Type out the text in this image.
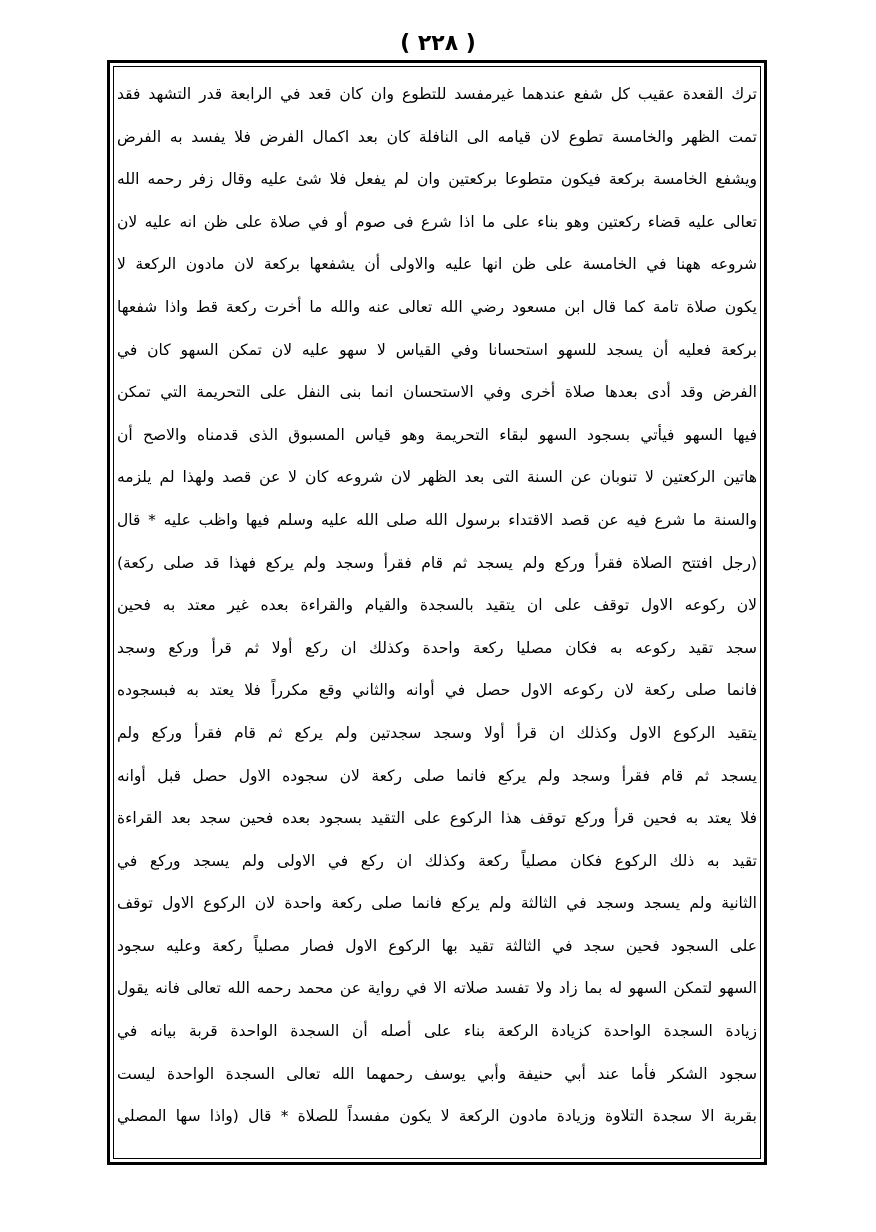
( ٢٢٨ )
ترك القعدة عقيب كل شفع عندهما غيرمفسد للتطوع وان كان قعد في الرابعة قدر التشهد فقد
تمت الظهر والخامسة تطوع لان قيامه الى النافلة كان بعد اكمال الفرض فلا يفسد به الفرض
ويشفع الخامسة بركعة فيكون متطوعا بركعتين وان لم يفعل فلا شئ عليه وقال زفر رحمه الله
تعالى عليه قضاء ركعتين وهو بناء على ما اذا شرع فى صوم أو في صلاة على ظن انه عليه لان
شروعه ههنا في الخامسة على ظن انها عليه والاولى أن يشفعها بركعة لان مادون الركعة لا
يكون صلاة تامة كما قال ابن مسعود رضي الله تعالى عنه والله ما أخرت ركعة قط واذا شفعها
بركعة فعليه أن يسجد للسهو استحسانا وفي القياس لا سهو عليه لان تمكن السهو كان في
الفرض وقد أدى بعدها صلاة أخرى وفي الاستحسان انما بنى النفل على التحريمة التي تمكن
فيها السهو فيأتي بسجود السهو لبقاء التحريمة وهو قياس المسبوق الذى قدمناه والاصح أن
هاتين الركعتين لا تنوبان عن السنة التى بعد الظهر لان شروعه كان لا عن قصد ولهذا لم يلزمه
والسنة ما شرع فيه عن قصد الاقتداء برسول الله صلى الله عليه وسلم فيها واظب عليه * قال
(رجل افتتح الصلاة فقرأ وركع ولم يسجد ثم قام فقرأ وسجد ولم يركع فهذا قد صلى ركعة)
لان ركوعه الاول توقف على ان يتقيد بالسجدة والقيام والقراءة بعده غير معتد به فحين
سجد تقيد ركوعه به فكان مصليا ركعة واحدة وكذلك ان ركع أولا ثم قرأ وركع وسجد
فانما صلى ركعة لان ركوعه الاول حصل في أوانه والثاني وقع مكرراً فلا يعتد به فبسجوده
يتقيد الركوع الاول وكذلك ان قرأ أولا وسجد سجدتين ولم يركع ثم قام فقرأ وركع ولم
يسجد ثم قام فقرأ وسجد ولم يركع فانما صلى ركعة لان سجوده الاول حصل قبل أوانه
فلا يعتد به فحين قرأ وركع توقف هذا الركوع على التقيد بسجود بعده فحين سجد بعد القراءة
تقيد به ذلك الركوع فكان مصلياً ركعة وكذلك ان ركع في الاولى ولم يسجد وركع في
الثانية ولم يسجد وسجد في الثالثة ولم يركع فانما صلى ركعة واحدة لان الركوع الاول توقف
على السجود فحين سجد في الثالثة تقيد بها الركوع الاول فصار مصلياً ركعة وعليه سجود
السهو لتمكن السهو له بما زاد ولا تفسد صلاته الا في رواية عن محمد رحمه الله تعالى فانه يقول
زيادة السجدة الواحدة كزيادة الركعة بناء على أصله أن السجدة الواحدة قربة بيانه في
سجود الشكر فأما عند أبي حنيفة وأبي يوسف رحمهما الله تعالى السجدة الواحدة ليست
بقربة الا سجدة التلاوة وزيادة مادون الركعة لا يكون مفسداً للصلاة * قال (واذا سها المصلي
